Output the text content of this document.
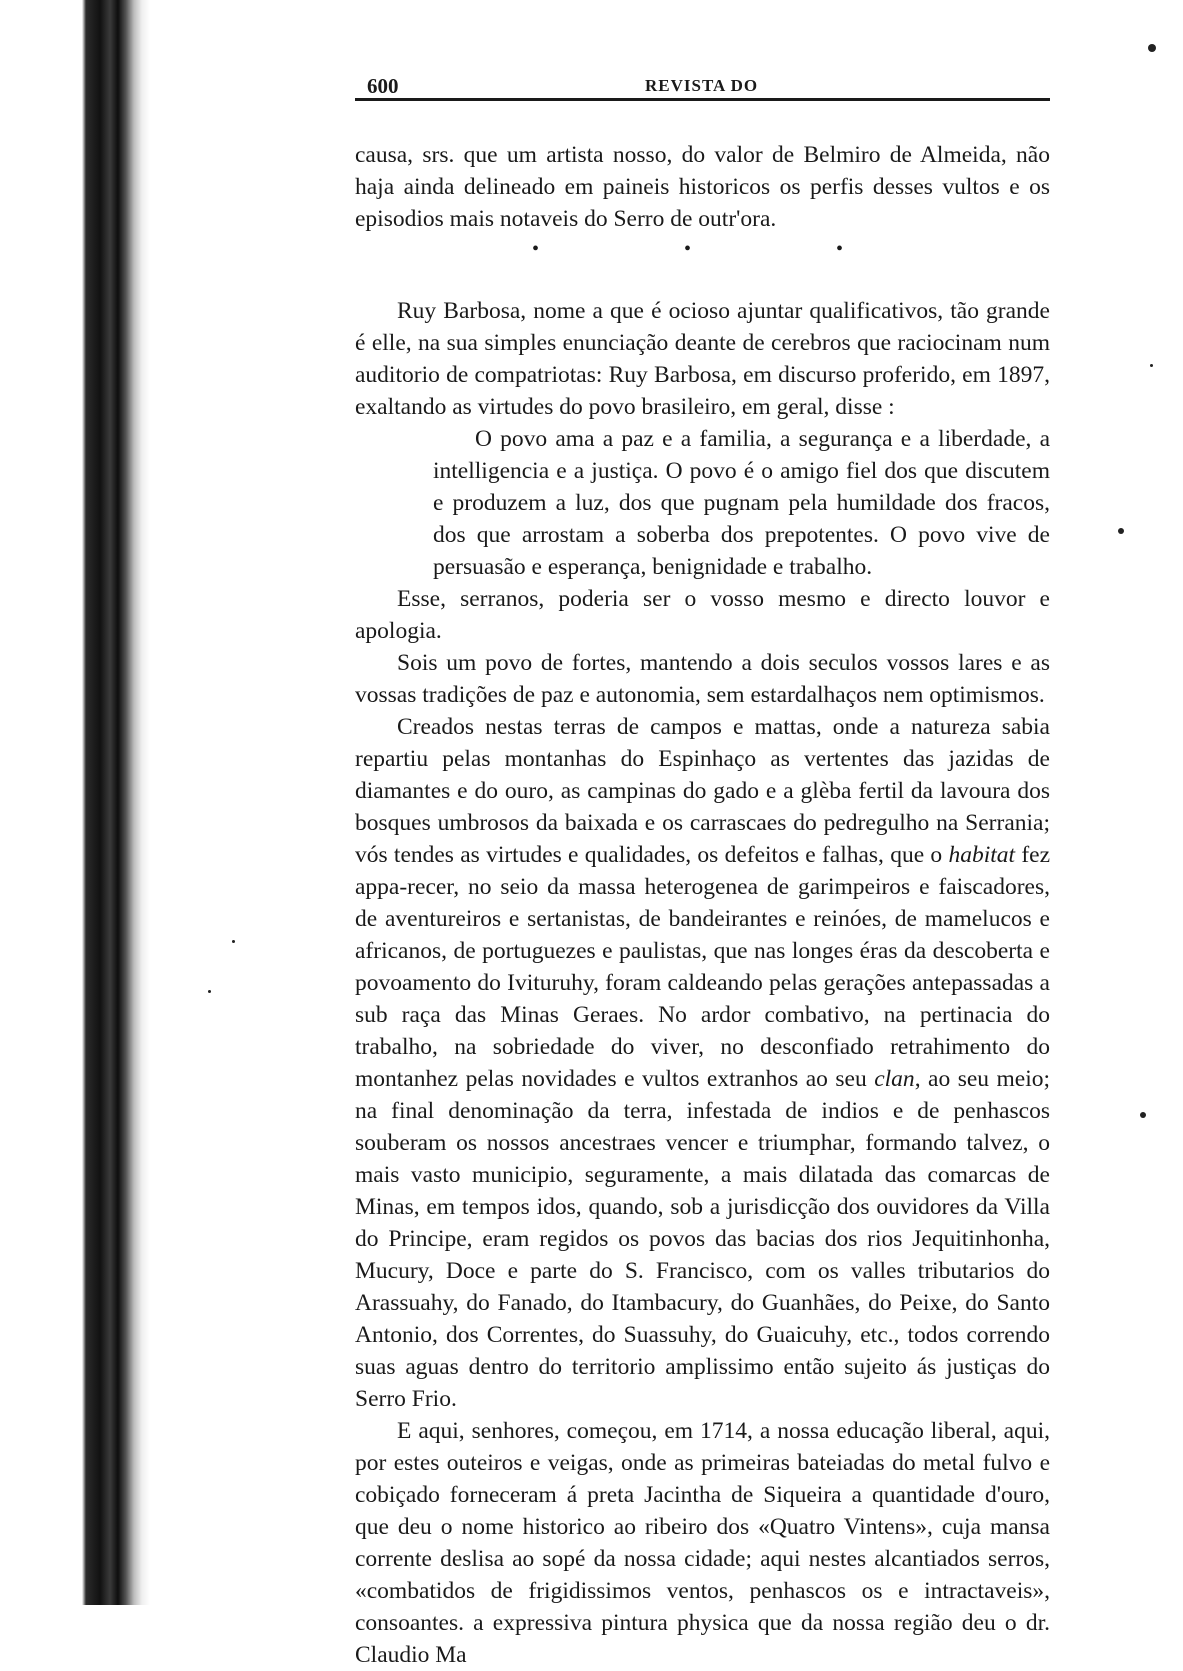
600	REVISTA DO

causa, srs. que um artista nosso, do valor de Belmiro de Almeida, não haja ainda delineado em paineis historicos os perfis desses vultos e os episodios mais notaveis do Serro de outr'ora.

• • •

Ruy Barbosa, nome a que é ocioso ajuntar qualificativos, tão grande é elle, na sua simples enunciação deante de cerebros que raciocinam num auditorio de compatriotas: Ruy Barbosa, em discurso proferido, em 1897, exaltando as virtudes do povo brasileiro, em geral, disse :

O povo ama a paz e a familia, a segurança e a liberdade, a intelligencia e a justiça. O povo é o amigo fiel dos que discutem e produzem a luz, dos que pugnam pela humildade dos fracos, dos que arrostam a soberba dos prepotentes. O povo vive de persuasão e esperança, benignidade e trabalho.

Esse, serranos, poderia ser o vosso mesmo e directo louvor e apologia.

Sois um povo de fortes, mantendo a dois seculos vossos lares e as vossas tradições de paz e autonomia, sem estardalhaços nem optimismos.

Creados nestas terras de campos e mattas, onde a natureza sabia repartiu pelas montanhas do Espinhaço as vertentes das jazidas de diamantes e do ouro, as campinas do gado e a glèba fertil da lavoura dos bosques umbrosos da baixada e os carrascaes do pedregulho na Serrania; vós tendes as virtudes e qualidades, os defeitos e falhas, que o habitat fez appa-recer, no seio da massa heterogenea de garimpeiros e faiscadores, de aventureiros e sertanistas, de bandeirantes e reinóes, de mamelucos e africanos, de portuguezes e paulistas, que nas longes éras da descoberta e povoamento do Ivituruhy, foram caldeando pelas gerações antepassadas a sub raça das Minas Geraes. No ardor combativo, na pertinacia do trabalho, na sobriedade do viver, no desconfiado retrahimento do montanhez pelas novidades e vultos extranhos ao seu clan, ao seu meio; na final denominação da terra, infestada de indios e de penhascos souberam os nossos ancestraes vencer e triumphar, formando talvez, o mais vasto municipio, seguramente, a mais dilatada das comarcas de Minas, em tempos idos, quando, sob a jurisdicção dos ouvidores da Villa do Principe, eram regidos os povos das bacias dos rios Jequitinhonha, Mucury, Doce e parte do S. Francisco, com os valles tributarios do Arassuahy, do Fanado, do Itambacury, do Guanhães, do Peixe, do Santo Antonio, dos Correntes, do Suassuhy, do Guaicuhy, etc., todos correndo suas aguas dentro do territorio amplissimo então sujeito ás justiças do Serro Frio.

E aqui, senhores, começou, em 1714, a nossa educação liberal, aqui, por estes outeiros e veigas, onde as primeiras bateiadas do metal fulvo e cobiçado forneceram á preta Jacintha de Siqueira a quantidade d'ouro, que deu o nome historico ao ribeiro dos «Quatro Vintens», cuja mansa corrente deslisa ao sopé da nossa cidade; aqui nestes alcantiados serros, «combatidos de frigidissimos ventos, penhascos os e intractaveis», consoantes. a expressiva pintura physica que da nossa região deu o dr. Claudio Ma
